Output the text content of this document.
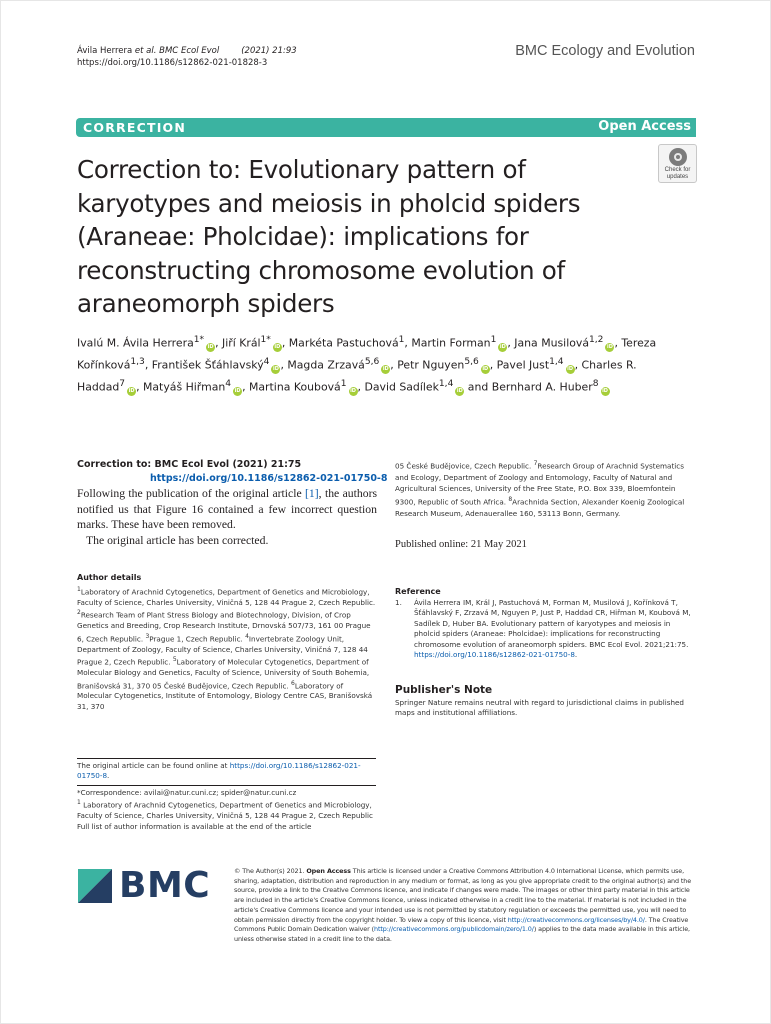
Ávila Herrera et al. BMC Ecol Evol	(2021) 21:93
https://doi.org/10.1186/s12862-021-01828-3
BMC Ecology and Evolution
CORRECTION	Open Access
Check for updates
Correction to: Evolutionary pattern of karyotypes and meiosis in pholcid spiders (Araneae: Pholcidae): implications for reconstructing chromosome evolution of araneomorph spiders
Ivalú M. Ávila Herrera$^{1*}$iD , Jiří Král$^{1*}$iD , Markéta Pastuchová$^1$, Martin Forman$^1$iD , Jana Musilová$^{1,2}$iD , Tereza Kořínková$^{1,3}$, František Šťáhlavský$^4$iD , Magda Zrzavá$^{5,6}$iD , Petr Nguyen$^{5,6}$iD , Pavel Just$^{1,4}$iD , Charles R. Haddad$^7$iD , Matyáš Hiřman$^4$iD , Martina Koubová$^1$iD , David Sadílek$^{1,4}$iD and Bernhard A. Huber$^8$iD
Correction to: BMC Ecol Evol (2021) 21:75
https://doi.org/10.1186/s12862-021-01750-8

Following the publication of the original article [1], the authors notified us that Figure 16 contained a few incorrect question marks. These have been removed.

The original article has been corrected.

Author details
$^1$Laboratory of Arachnid Cytogenetics, Department of Genetics and Microbiology, Faculty of Science, Charles University, Viničná 5, 128 44 Prague 2, Czech Republic. $^2$Research Team of Plant Stress Biology and Biotechnology, Division, of Crop Genetics and Breeding, Crop Research Institute, Drnovská 507/73, 161 00 Prague 6, Czech Republic. $^3$Prague 1, Czech Republic. $^4$Invertebrate Zoology Unit, Department of Zoology, Faculty of Science, Charles University, Viničná 7, 128 44 Prague 2, Czech Republic. $^5$Laboratory of Molecular Cytogenetics, Department of Molecular Biology and Genetics, Faculty of Science, University of South Bohemia, Branišovská 31, 370 05 České Budějovice, Czech Republic. $^6$Laboratory of Molecular Cytogenetics, Institute of Entomology, Biology Centre CAS, Branišovská 31, 370
05 České Budějovice, Czech Republic. $^7$Research Group of Arachnid Systematics and Ecology, Department of Zoology and Entomology, Faculty of Natural and Agricultural Sciences, University of the Free State, P.O. Box 339, Bloemfontein 9300, Republic of South Africa. $^8$Arachnida Section, Alexander Koenig Zoological Research Museum, Adenauerallee 160, 53113 Bonn, Germany.
Published online: 21 May 2021
Reference
1. Ávila Herrera IM, Král J, Pastuchová M, Forman M, Musilová J, Kořínková T, Šťáhlavský F, Zrzavá M, Nguyen P, Just P, Haddad CR, Hiřman M, Koubová M, Sadílek D, Huber BA. Evolutionary pattern of karyotypes and meiosis in pholcid spiders (Araneae: Pholcidae): implications for reconstructing chromosome evolution of araneomorph spiders. BMC Ecol Evol. 2021;21:75. https://doi.org/10.1186/s12862-021-01750-8.
Publisher's Note
Springer Nature remains neutral with regard to jurisdictional claims in published maps and institutional affiliations.
The original article can be found online at https://doi.org/10.1186/s12862-021-01750-8.
*Correspondence: avilai@natur.cuni.cz; spider@natur.cuni.cz
$^1$ Laboratory of Arachnid Cytogenetics, Department of Genetics and Microbiology, Faculty of Science, Charles University, Viničná 5, 128 44 Prague 2, Czech Republic
Full list of author information is available at the end of the article
BMC	© The Author(s) 2021. Open Access This article is licensed under a Creative Commons Attribution 4.0 International License, which permits use, sharing, adaptation, distribution and reproduction in any medium or format, as long as you give appropriate credit to the original author(s) and the source, provide a link to the Creative Commons licence, and indicate if changes were made. The images or other third party material in this article are included in the article's Creative Commons licence, unless indicated otherwise in a credit line to the material. If material is not included in the article's Creative Commons licence and your intended use is not permitted by statutory regulation or exceeds the permitted use, you will need to obtain permission directly from the copyright holder. To view a copy of this licence, visit http://creativecommons.org/licenses/by/4.0/. The Creative Commons Public Domain Dedication waiver (http://creativecommons.org/publicdomain/zero/1.0/) applies to the data made available in this article, unless otherwise stated in a credit line to the data.
